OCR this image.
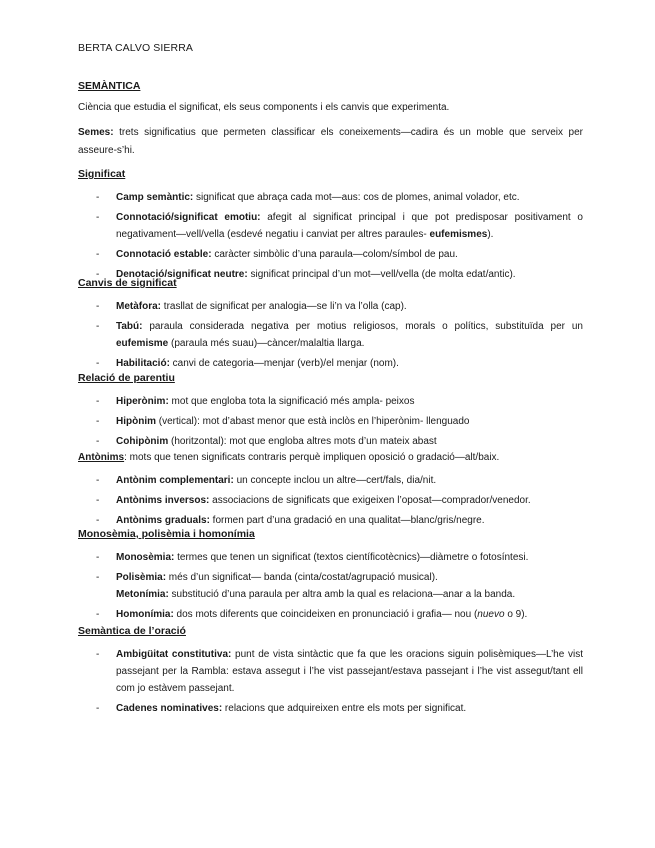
BERTA CALVO SIERRA
SEMÀNTICA
Ciència que estudia el significat, els seus components i els canvis que experimenta.
Semes: trets significatius que permeten classificar els coneixements—cadira és un moble que serveix per asseure-s’hi.
Significat
- Camp semàntic: significat que abraça cada mot—aus: cos de plomes, animal volador, etc.
- Connotació/significat emotiu: afegit al significat principal i que pot predisposar positivament o negativament—vell/vella (esdevé negatiu i canviat per altres paraules- eufemismes).
- Connotació estable: caràcter simbòlic d’una paraula—colom/símbol de pau.
- Denotació/significat neutre: significat principal d’un mot—vell/vella (de molta edat/antic).
Canvis de significat
- Metàfora: trasllat de significat per analogia—se li’n va l’olla (cap).
- Tabú: paraula considerada negativa per motius religiosos, morals o polítics, substituïda per un eufemisme (paraula més suau)—càncer/malaltia llarga.
- Habilitació: canvi de categoria—menjar (verb)/el menjar (nom).
Relació de parentiu
- Hiperònim: mot que engloba tota la significació més ampla- peixos
- Hipònim (vertical): mot d’abast menor que està inclòs en l’hiperònim- llenguado
- Cohipònim (horitzontal): mot que engloba altres mots d’un mateix abast
Antònims: mots que tenen significats contraris perquè impliquen oposició o gradació—alt/baix.
- Antònim complementari: un concepte inclou un altre—cert/fals, dia/nit.
- Antònims inversos: associacions de significats que exigeixen l’oposat—comprador/venedor.
- Antònims graduals: formen part d’una gradació en una qualitat—blanc/gris/negre.
Monosèmia, polisèmia i homonímia
- Monosèmia: termes que tenen un significat (textos científicotècnics)—diàmetre o fotosíntesi.
- Polisèmia: més d’un significat— banda (cinta/costat/agrupació musical).
Metonímia: substitució d’una paraula per altra amb la qual es relaciona—anar a la banda.
- Homonímia: dos mots diferents que coincideixen en pronunciació i grafia— nou (nuevo o 9).
Semàntica de l’oració
- Ambigüitat constitutiva: punt de vista sintàctic que fa que les oracions siguin polisèmiques—L’he vist passejant per la Rambla: estava assegut i l’he vist passejant/estava passejant i l’he vist assegut/tant ell com jo estàvem passejant.
- Cadenes nominatives: relacions que adquireixen entre els mots per significat.
